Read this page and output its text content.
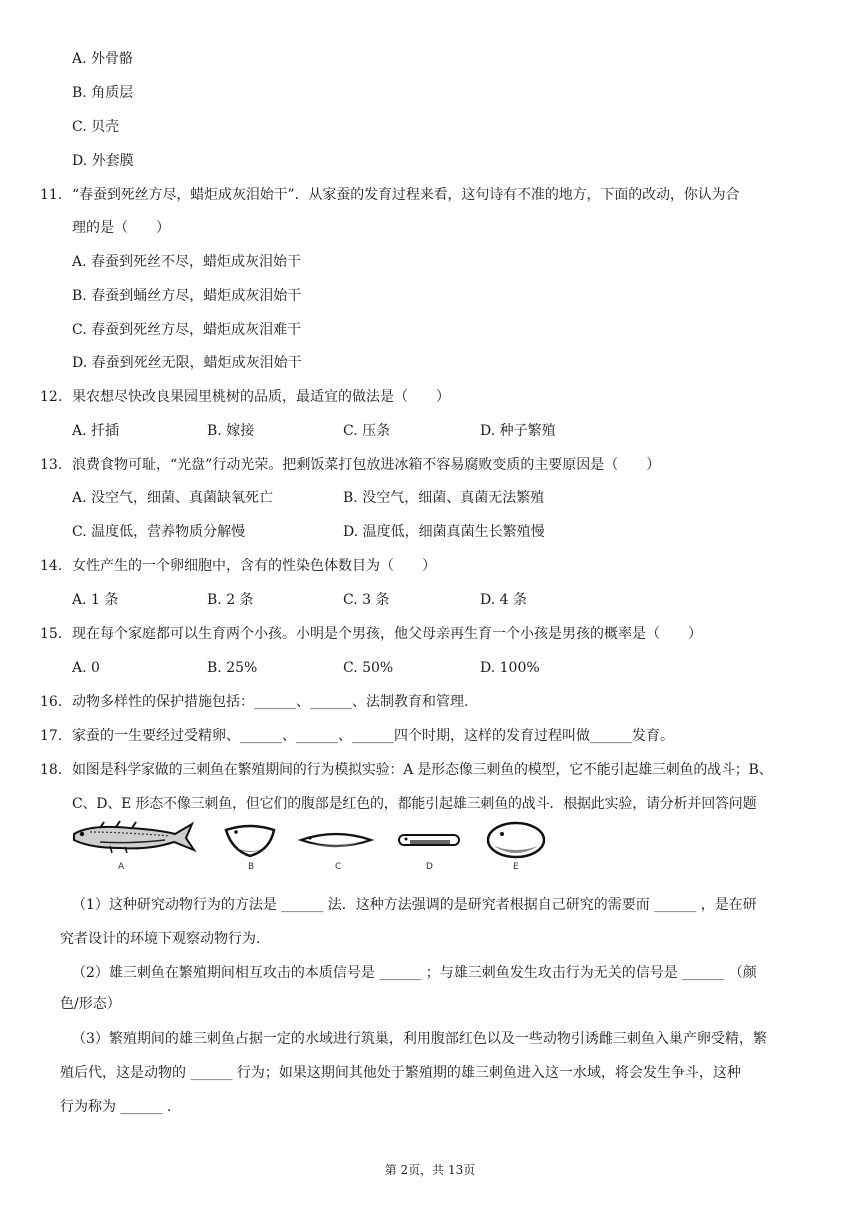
A. 外骨骼
B. 角质层
C. 贝壳
D. 外套膜
11. “春蚕到死丝方尽，蜡炬成灰泪始干”．从家蚕的发育过程来看，这句诗有不准的地方，下面的改动，你认为合
理的是（　　）
A. 春蚕到死丝不尽，蜡炬成灰泪始干
B. 春蚕到蛹丝方尽，蜡炬成灰泪始干
C. 春蚕到死丝方尽，蜡炬成灰泪难干
D. 春蚕到死丝无限，蜡炬成灰泪始干
12. 果农想尽快改良果园里桃树的品质，最适宜的做法是（　　）
A. 扦插	B. 嫁接	C. 压条	D. 种子繁殖
13. 浪费食物可耻，“光盘”行动光荣。把剩饭菜打包放进冰箱不容易腐败变质的主要原因是（　　）
A. 没空气，细菌、真菌缺氧死亡	B. 没空气，细菌、真菌无法繁殖
C. 温度低，营养物质分解慢	D. 温度低，细菌真菌生长繁殖慢
14. 女性产生的一个卵细胞中，含有的性染色体数目为（　　）
A. 1 条	B. 2 条	C. 3 条	D. 4 条
15. 现在每个家庭都可以生育两个小孩。小明是个男孩，他父母亲再生育一个小孩是男孩的概率是（　　）
A. 0	B. 25%	C. 50%	D. 100%
16. 动物多样性的保护措施包括：______、______、法制教育和管理.
17. 家蚕的一生要经过受精卵、______、______、______四个时期，这样的发育过程叫做______发育。
18. 如图是科学家做的三刺鱼在繁殖期间的行为模拟实验：A 是形态像三刺鱼的模型，它不能引起雄三刺鱼的战斗；B、
C、D、E 形态不像三刺鱼，但它们的腹部是红色的，都能引起雄三刺鱼的战斗．根据此实验，请分析并回答问题
A	B	C	D	E
（1）这种研究动物行为的方法是 ______ 法．这种方法强调的是研究者根据自己研究的需要而 ______ ，是在研
究者设计的环境下观察动物行为.
（2）雄三刺鱼在繁殖期间相互攻击的本质信号是 ______ ；与雄三刺鱼发生攻击行为无关的信号是 ______ （颜
色/形态）
（3）繁殖期间的雄三刺鱼占据一定的水域进行筑巢，利用腹部红色以及一些动物引诱雌三刺鱼入巢产卵受精，繁
殖后代，这是动物的 ______ 行为；如果这期间其他处于繁殖期的雄三刺鱼进入这一水域，将会发生争斗，这种
行为称为 ______ .
第 2页，共 13页
